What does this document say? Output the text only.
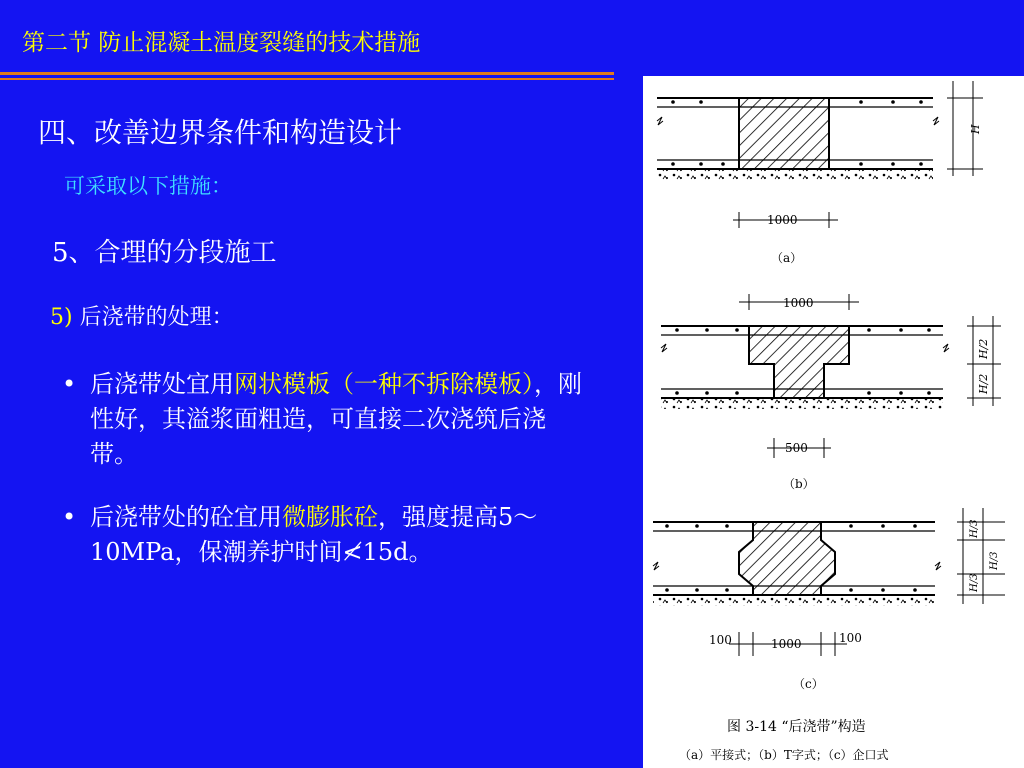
第二节 防止混凝土温度裂缝的技术措施
四、改善边界条件和构造设计
可采取以下措施：
5、合理的分段施工
5) 后浇带的处理：
• 后浇带处宜用网状模板（一种不拆除模板），刚性好，其溢浆面粗造，可直接二次浇筑后浇带。
• 后浇带处的砼宜用微膨胀砼，强度提高5～10MPa，保潮养护时间≮15d。
H
1000
（a）
1000
H/2
H/2
500
（b）
H/3
H/3
H/3
100	1000	100
（c）
图 3-14 “后浇带”构造
（a）平接式；（b）T字式；（c）企口式
